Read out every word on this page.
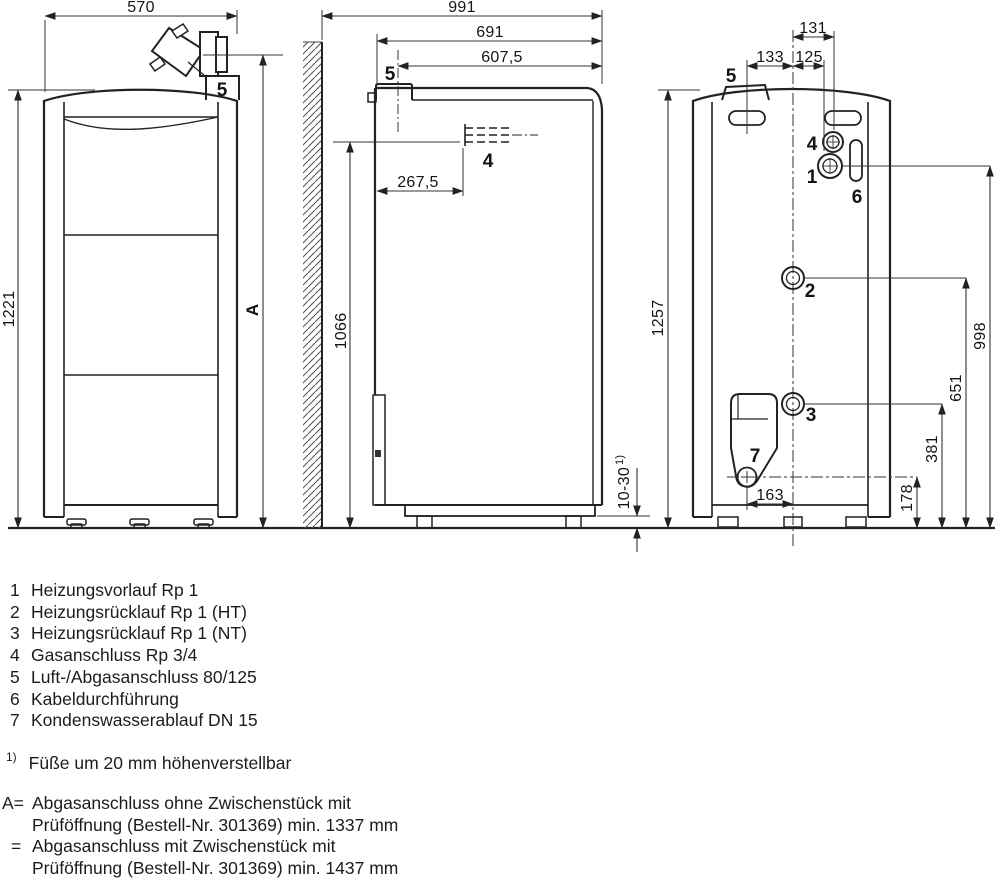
5
570
1221	A
5
4
991
691
607,5
267,5
1066
10-30$^{1)}$
5
4
1
6
2
3
7
1257
131
133 125
998
651
381
178
163
1 Heizungsvorlauf Rp 1
2 Heizungsrücklauf Rp 1 (HT)
3 Heizungsrücklauf Rp 1 (NT)
4 Gasanschluss Rp 3/4
5 Luft-/Abgasanschluss 80/125
6 Kabeldurchführung
7 Kondenswasserablauf DN 15
$^{1)}$ Füße um 20 mm höhenverstellbar
A= Abgasanschluss ohne Zwischenstück mit
Prüföffnung (Bestell-Nr. 301369) min. 1337 mm
= Abgasanschluss mit Zwischenstück mit
Prüföffnung (Bestell-Nr. 301369) min. 1437 mm
